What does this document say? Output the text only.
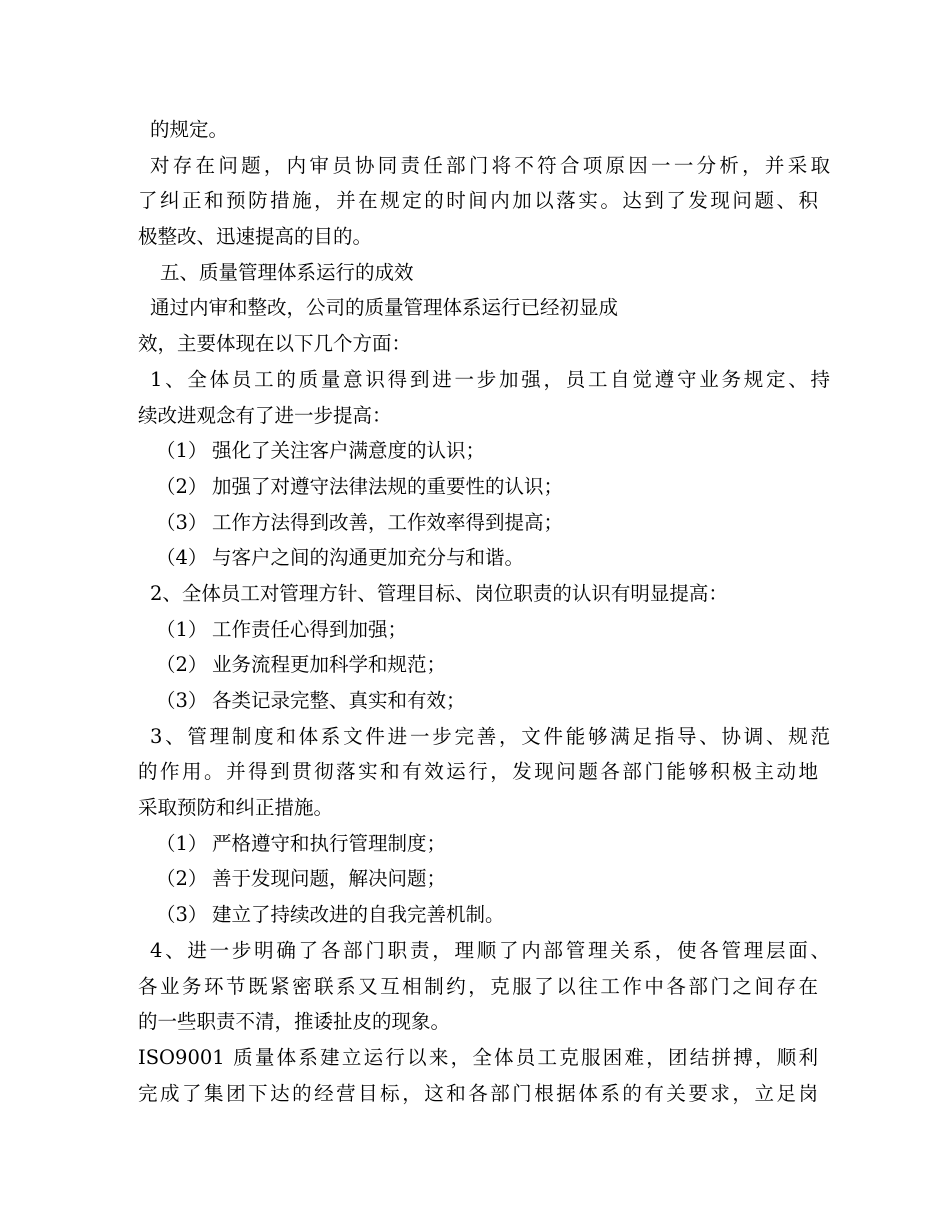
的规定。
对存在问题，内审员协同责任部门将不符合项原因一一分析，并采取
了纠正和预防措施，并在规定的时间内加以落实。达到了发现问题、积
极整改、迅速提高的目的。
五、质量管理体系运行的成效
通过内审和整改，公司的质量管理体系运行已经初显成
效，主要体现在以下几个方面：
1、全体员工的质量意识得到进一步加强，员工自觉遵守业务规定、持
续改进观念有了进一步提高：
（1） 强化了关注客户满意度的认识；
（2） 加强了对遵守法律法规的重要性的认识；
（3） 工作方法得到改善，工作效率得到提高；
（4） 与客户之间的沟通更加充分与和谐。
2、全体员工对管理方针、管理目标、岗位职责的认识有明显提高：
（1） 工作责任心得到加强；
（2） 业务流程更加科学和规范；
（3） 各类记录完整、真实和有效；
3、管理制度和体系文件进一步完善，文件能够满足指导、协调、规范
的作用。并得到贯彻落实和有效运行，发现问题各部门能够积极主动地
采取预防和纠正措施。
（1） 严格遵守和执行管理制度；
（2） 善于发现问题，解决问题；
（3） 建立了持续改进的自我完善机制。
4、进一步明确了各部门职责，理顺了内部管理关系，使各管理层面、
各业务环节既紧密联系又互相制约，克服了以往工作中各部门之间存在
的一些职责不清，推诿扯皮的现象。
ISO9001 质量体系建立运行以来，全体员工克服困难，团结拼搏，顺利
完成了集团下达的经营目标，这和各部门根据体系的有关要求，立足岗
